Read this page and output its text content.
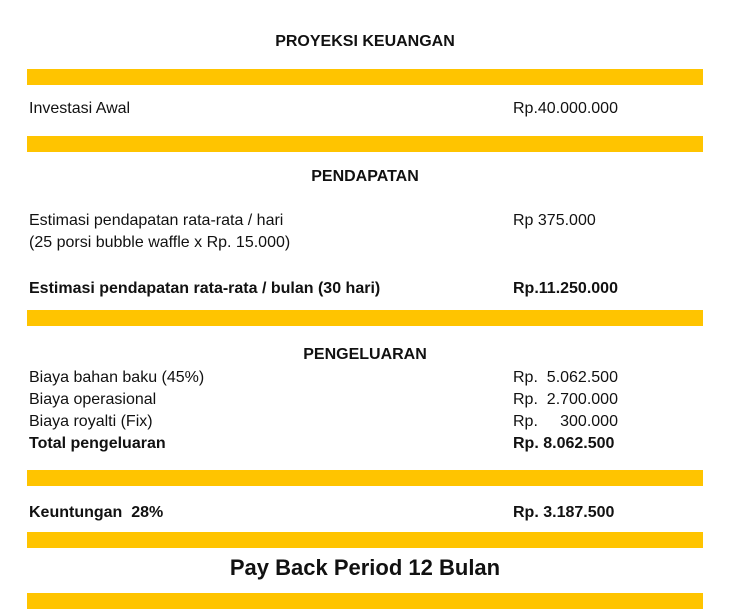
PROYEKSI KEUANGAN
Investasi Awal	Rp.40.000.000
PENDAPATAN
Estimasi pendapatan rata-rata / hari	Rp 375.000
(25 porsi bubble waffle x Rp. 15.000)
Estimasi pendapatan rata-rata / bulan (30 hari)	Rp.11.250.000
PENGELUARAN
Biaya bahan baku (45%)	Rp.  5.062.500
Biaya operasional	Rp.  2.700.000
Biaya royalti (Fix)	Rp.     300.000
Total pengeluaran	Rp. 8.062.500
Keuntungan  28%	Rp. 3.187.500
Pay Back Period 12 Bulan
